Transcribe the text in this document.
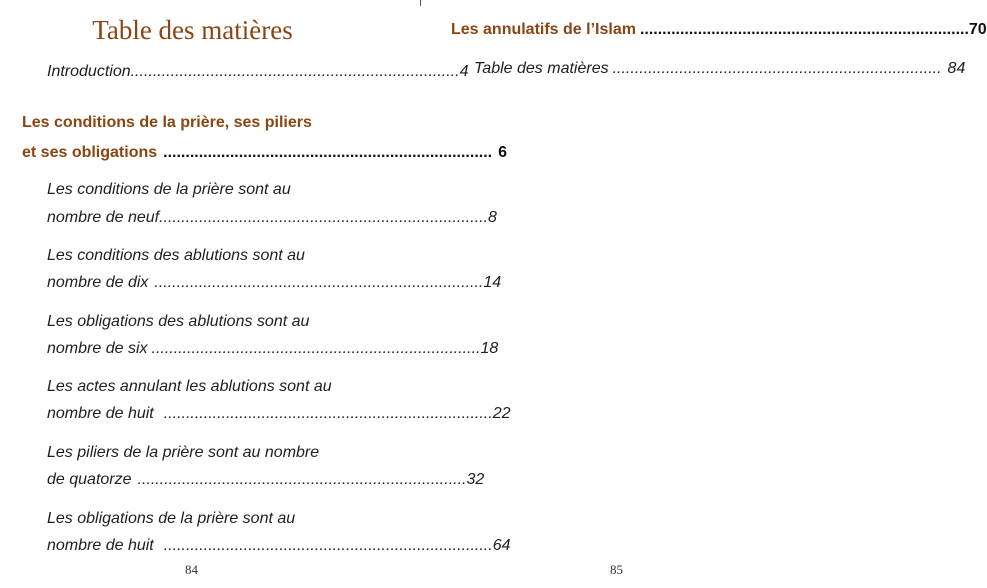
Table des matières
Introduction .......................................................................... 4
Les conditions de la prière, ses piliers
et ses obligations .......................................................................... 6
Les conditions de la prière sont au
nombre de neuf .......................................................................... 8
Les conditions des ablutions sont au
nombre de dix .......................................................................... 14
Les obligations des ablutions sont au
nombre de six .......................................................................... 18
Les actes annulant les ablutions sont au
nombre de huit .......................................................................... 22
Les piliers de la prière sont au nombre
de quatorze .......................................................................... 32
Les obligations de la prière sont au
nombre de huit .......................................................................... 64
84
Les annulatifs de l’Islam .......................................................................... 70
Table des matières .......................................................................... 84
85
